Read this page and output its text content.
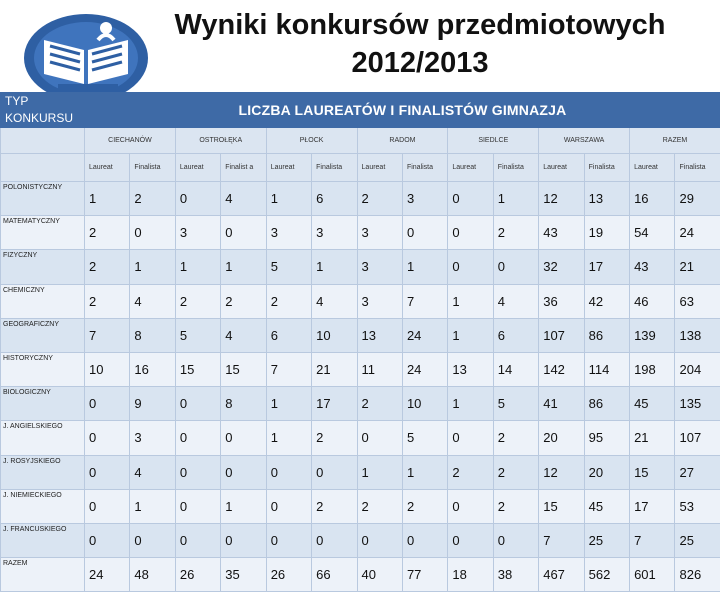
Wyniki konkursów przedmiotowych
2012/2013
TYP
KONKURSU	LICZBA LAUREATÓW I FINALISTÓW GIMNAZJA													
	CIECHANÓW		OSTROŁĘKA		PŁOCK		RADOM		SIEDLCE		WARSZAWA		RAZEM	
	Laureat	Finalista	Laureat	Finalist a	Laureat	Finalista	Laureat	Finalista	Laureat	Finalista	Laureat	Finalista	Laureat	Finalista
POLONISTYCZNY	1	2	0	4	1	6	2	3	0	1	12	13	16	29
MATEMATYCZNY	2	0	3	0	3	3	3	0	0	2	43	19	54	24
FIZYCZNY	2	1	1	1	5	1	3	1	0	0	32	17	43	21
CHEMICZNY	2	4	2	2	2	4	3	7	1	4	36	42	46	63
GEOGRAFICZNY	7	8	5	4	6	10	13	24	1	6	107	86	139	138
HISTORYCZNY	10	16	15	15	7	21	11	24	13	14	142	114	198	204
BIOLOGICZNY	0	9	0	8	1	17	2	10	1	5	41	86	45	135
J. ANGIELSKIEGO	0	3	0	0	1	2	0	5	0	2	20	95	21	107
J. ROSYJSKIEGO	0	4	0	0	0	0	1	1	2	2	12	20	15	27
J. NIEMIECKIEGO	0	1	0	1	0	2	2	2	0	2	15	45	17	53
J. FRANCUSKIEGO	0	0	0	0	0	0	0	0	0	0	7	25	7	25
RAZEM	24	48	26	35	26	66	40	77	18	38	467	562	601	826
